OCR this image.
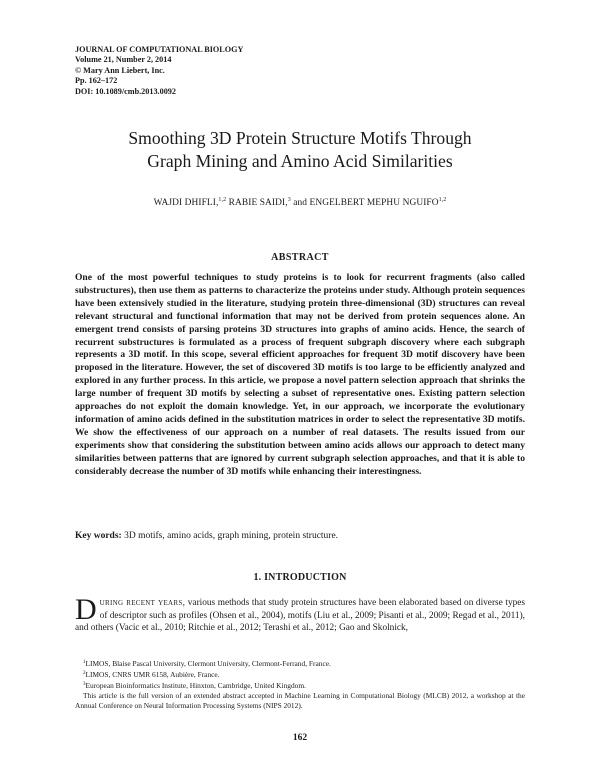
JOURNAL OF COMPUTATIONAL BIOLOGY
Volume 21, Number 2, 2014
© Mary Ann Liebert, Inc.
Pp. 162–172
DOI: 10.1089/cmb.2013.0092
Smoothing 3D Protein Structure Motifs Through
Graph Mining and Amino Acid Similarities
WAJDI DHIFLI,$^{1,2}$ RABIE SAIDI,$^3$ and ENGELBERT MEPHU NGUIFO$^{1,2}$
ABSTRACT
One of the most powerful techniques to study proteins is to look for recurrent fragments (also called substructures), then use them as patterns to characterize the proteins under study. Although protein sequences have been extensively studied in the literature, studying protein three-dimensional (3D) structures can reveal relevant structural and functional information that may not be derived from protein sequences alone. An emergent trend consists of parsing proteins 3D structures into graphs of amino acids. Hence, the search of recurrent substructures is formulated as a process of frequent subgraph discovery where each subgraph represents a 3D motif. In this scope, several efficient approaches for frequent 3D motif discovery have been proposed in the literature. However, the set of discovered 3D motifs is too large to be efficiently analyzed and explored in any further process. In this article, we propose a novel pattern selection approach that shrinks the large number of frequent 3D motifs by selecting a subset of representative ones. Existing pattern selection approaches do not exploit the domain knowledge. Yet, in our approach, we incorporate the evolutionary information of amino acids defined in the substitution matrices in order to select the representative 3D motifs. We show the effectiveness of our approach on a number of real datasets. The results issued from our experiments show that considering the substitution between amino acids allows our approach to detect many similarities between patterns that are ignored by current subgraph selection approaches, and that it is able to considerably decrease the number of 3D motifs while enhancing their interestingness.
Key words: 3D motifs, amino acids, graph mining, protein structure.
1. INTRODUCTION
During recent years, various methods that study protein structures have been elaborated based on diverse types of descriptor such as profiles (Ohsen et al., 2004), motifs (Liu et al., 2009; Pisanti et al., 2009; Regad et al., 2011), and others (Vacic et al., 2010; Ritchie et al., 2012; Terashi et al., 2012; Gao and Skolnick,
$^1$LIMOS, Blaise Pascal University, Clermont University, Clermont-Ferrand, France.
$^2$LIMOS, CNRS UMR 6158, Aubière, France.
$^3$European Bioinformatics Institute, Hinxton, Cambridge, United Kingdom.
This article is the full version of an extended abstract accepted in Machine Learning in Computational Biology (MLCB) 2012, a workshop at the Annual Conference on Neural Information Processing Systems (NIPS 2012).
162
